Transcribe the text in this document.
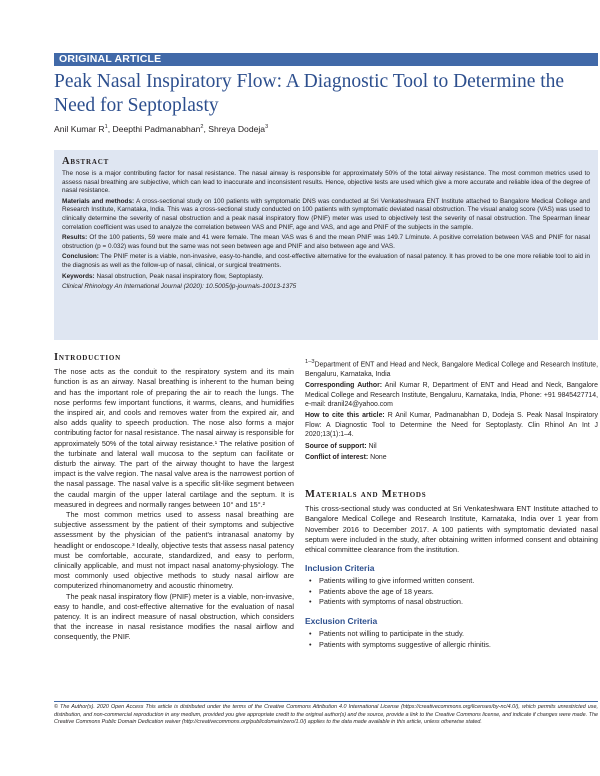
ORIGINAL ARTICLE
Peak Nasal Inspiratory Flow: A Diagnostic Tool to Determine the Need for Septoplasty
Anil Kumar $R^1$, Deepthi Padmanabhan$^2$, Shreya Dodeja$^3$
Abstract

The nose is a major contributing factor for nasal resistance. The nasal airway is responsible for approximately 50% of the total airway resistance. The most common metrics used to assess nasal breathing are subjective, which can lead to inaccurate and inconsistent results. Hence, objective tests are used which give a more accurate and reliable idea of the degree of nasal resistance.

Materials and methods: A cross-sectional study on 100 patients with symptomatic DNS was conducted at Sri Venkateshwara ENT Institute attached to Bangalore Medical College and Research Institute, Karnataka, India. This was a cross-sectional study conducted on 100 patients with symptomatic deviated nasal obstruction. The visual analog score (VAS) was used to clinically determine the severity of nasal obstruction and a peak nasal inspiratory flow (PNIF) meter was used to objectively test the severity of nasal obstruction. The Spearman linear correlation coefficient was used to analyze the correlation between VAS and PNIF, age and VAS, and age and PNIF of the subjects in the sample.

Results: Of the 100 patients, 59 were male and 41 were female. The mean VAS was 6 and the mean PNIF was 149.7 L/minute. A positive correlation between VAS and PNIF for nasal obstruction (p = 0.032) was found but the same was not seen between age and PNIF and also between age and VAS.

Conclusion: The PNIF meter is a viable, non-invasive, easy-to-handle, and cost-effective alternative for the evaluation of nasal patency. It has proved to be one more reliable tool to aid in the diagnosis as well as the follow-up of nasal, clinical, or surgical treatments.

Keywords: Nasal obstruction, Peak nasal inspiratory flow, Septoplasty.

Clinical Rhinology An International Journal (2020): 10.5005/jp-journals-10013-1375

Introduction

The nose acts as the conduit to the respiratory system and its main function is as an airway. Nasal breathing is inherent to the human being and has the important role of preparing the air to reach the lungs. The nose performs few important functions, it warms, cleans, and humidifies the inspired air, and cools and removes water from the expired air, and also adds quality to speech production. The nose also forms a major contributing factor for nasal resistance. The nasal airway is responsible for approximately 50% of the total airway resistance.¹ The relative position of the turbinate and lateral wall mucosa to the septum can facilitate or disturb the airway. The part of the airway thought to have the largest impact is the valve region. The nasal valve area is the narrowest portion of the nasal passage. The nasal valve is a specific slit-like segment between the caudal margin of the upper lateral cartilage and the septum. It is measured in degrees and normally ranges between 10° and 15°.²

The most common metrics used to assess nasal breathing are subjective assessment by the patient of their symptoms and subjective assessment by the physician of the patient's intranasal anatomy by headlight or endoscope.³ Ideally, objective tests that assess nasal patency must be comfortable, accurate, standardized, and easy to perform, clinically applicable, and must not impact nasal anatomy-physiology. The most commonly used objective methods to study nasal airflow are computerized rhinomanometry and acoustic rhinometry.

The peak nasal inspiratory flow (PNIF) meter is a viable, non-invasive, easy to handle, and cost-effective alternative for the evaluation of nasal patency. It is an indirect measure of nasal obstruction, which considers that the increase in nasal resistance modifies the nasal airflow and consequently, the PNIF.

$^{1-3}$Department of ENT and Head and Neck, Bangalore Medical College and Research Institute, Bengaluru, Karnataka, India

Corresponding Author: Anil Kumar R, Department of ENT and Head and Neck, Bangalore Medical College and Research Institute, Bengaluru, Karnataka, India, Phone: +91 9845427714, e-mail: dranil24@yahoo.com

How to cite this article: R Anil Kumar, Padmanabhan D, Dodeja S. Peak Nasal Inspiratory Flow: A Diagnostic Tool to Determine the Need for Septoplasty. Clin Rhinol An Int J 2020;13(1):1–4.

Source of support: Nil

Conflict of interest: None

Materials and Methods

This cross-sectional study was conducted at Sri Venkateshwara ENT Institute attached to Bangalore Medical College and Research Institute, Karnataka, India over 1 year from November 2016 to December 2017. A 100 patients with symptomatic deviated nasal septum were included in the study, after obtaining written informed consent and obtaining ethical committee clearance from the institution.

Inclusion Criteria
• Patients willing to give informed written consent.
• Patients above the age of 18 years.
• Patients with symptoms of nasal obstruction.
Exclusion Criteria
• Patients not willing to participate in the study.
• Patients with symptoms suggestive of allergic rhinitis.
© The Author(s). 2020 Open Access This article is distributed under the terms of the Creative Commons Attribution 4.0 International License (https://creativecommons.org/licenses/by-nc/4.0/), which permits unrestricted use, distribution, and non-commercial reproduction in any medium, provided you give appropriate credit to the original author(s) and the source, provide a link to the Creative Commons license, and indicate if changes were made. The Creative Commons Public Domain Dedication waiver (http://creativecommons.org/publicdomain/zero/1.0/) applies to the data made available in this article, unless otherwise stated.
